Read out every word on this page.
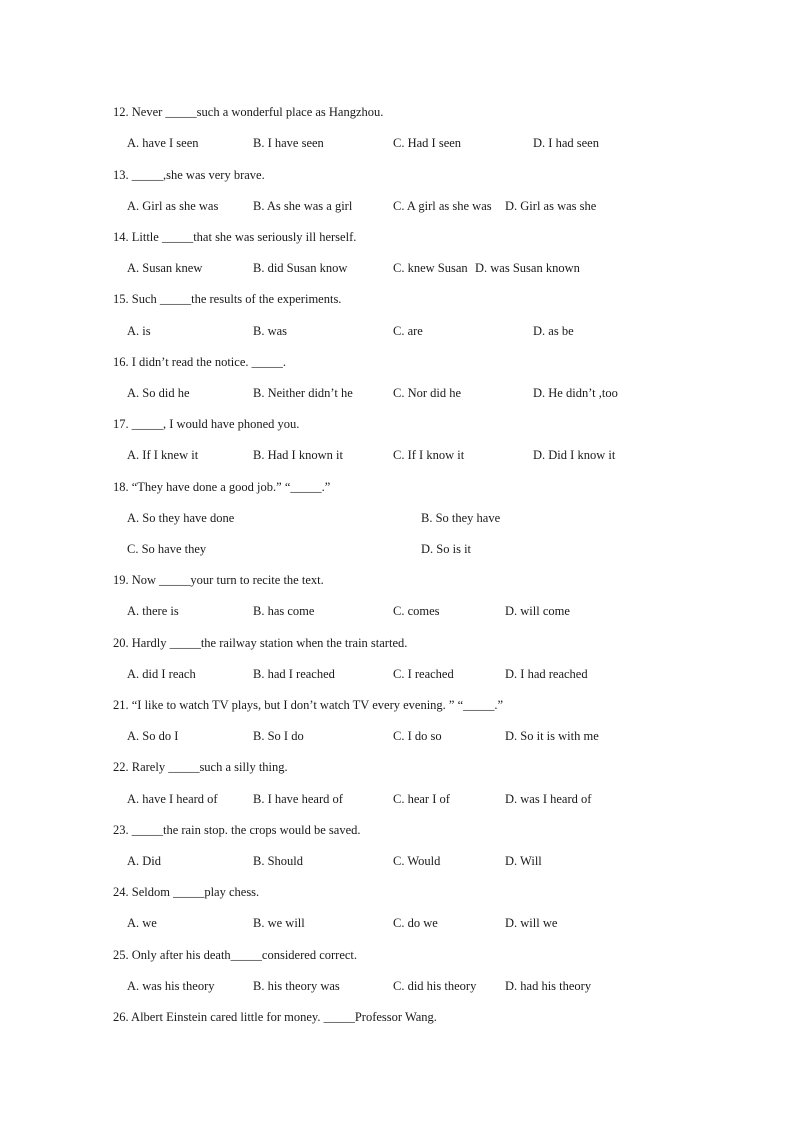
12. Never _____such a wonderful place as Hangzhou.
A. have I seen	B. I have seen	C. Had I seen	D. I had seen
13. _____,she was very brave.
A. Girl as she was	B. As she was a girl	C. A girl as she was D. Girl as was she
14. Little _____that she was seriously ill herself.
A. Susan knew	B. did Susan know	C. knew Susan D. was Susan known
15. Such _____the results of the experiments.
A. is	B. was	C. are	D. as be
16. I didn’t read the notice. _____.
A. So did he	B. Neither didn’t he	C. Nor did he	D. He didn’t ,too
17. _____, I would have phoned you.
A. If I knew it	B. Had I known it	C. If I know it	D. Did I know it
18. “They have done a good job.” “_____.”
A. So they have done	B. So they have
C. So have they	D. So is it
19. Now _____your turn to recite the text.
A. there is	B. has come	C. comes	D. will come
20. Hardly _____the railway station when the train started.
A. did I reach	B. had I reached	C. I reached	D. I had reached
21. “I like to watch TV plays, but I don’t watch TV every evening. ” “_____.”
A. So do I	B. So I do	C. I do so	D. So it is with me
22. Rarely _____such a silly thing.
A. have I heard of	B. I have heard of	C. hear I of	D. was I heard of
23. _____the rain stop. the crops would be saved.
A. Did	B. Should	C. Would	D. Will
24. Seldom _____play chess.
A. we	B. we will	C. do we	D. will we
25. Only after his death_____considered correct.
A. was his theory	B. his theory was	C. did his theory D. had his theory
26. Albert Einstein cared little for money. _____Professor Wang.
